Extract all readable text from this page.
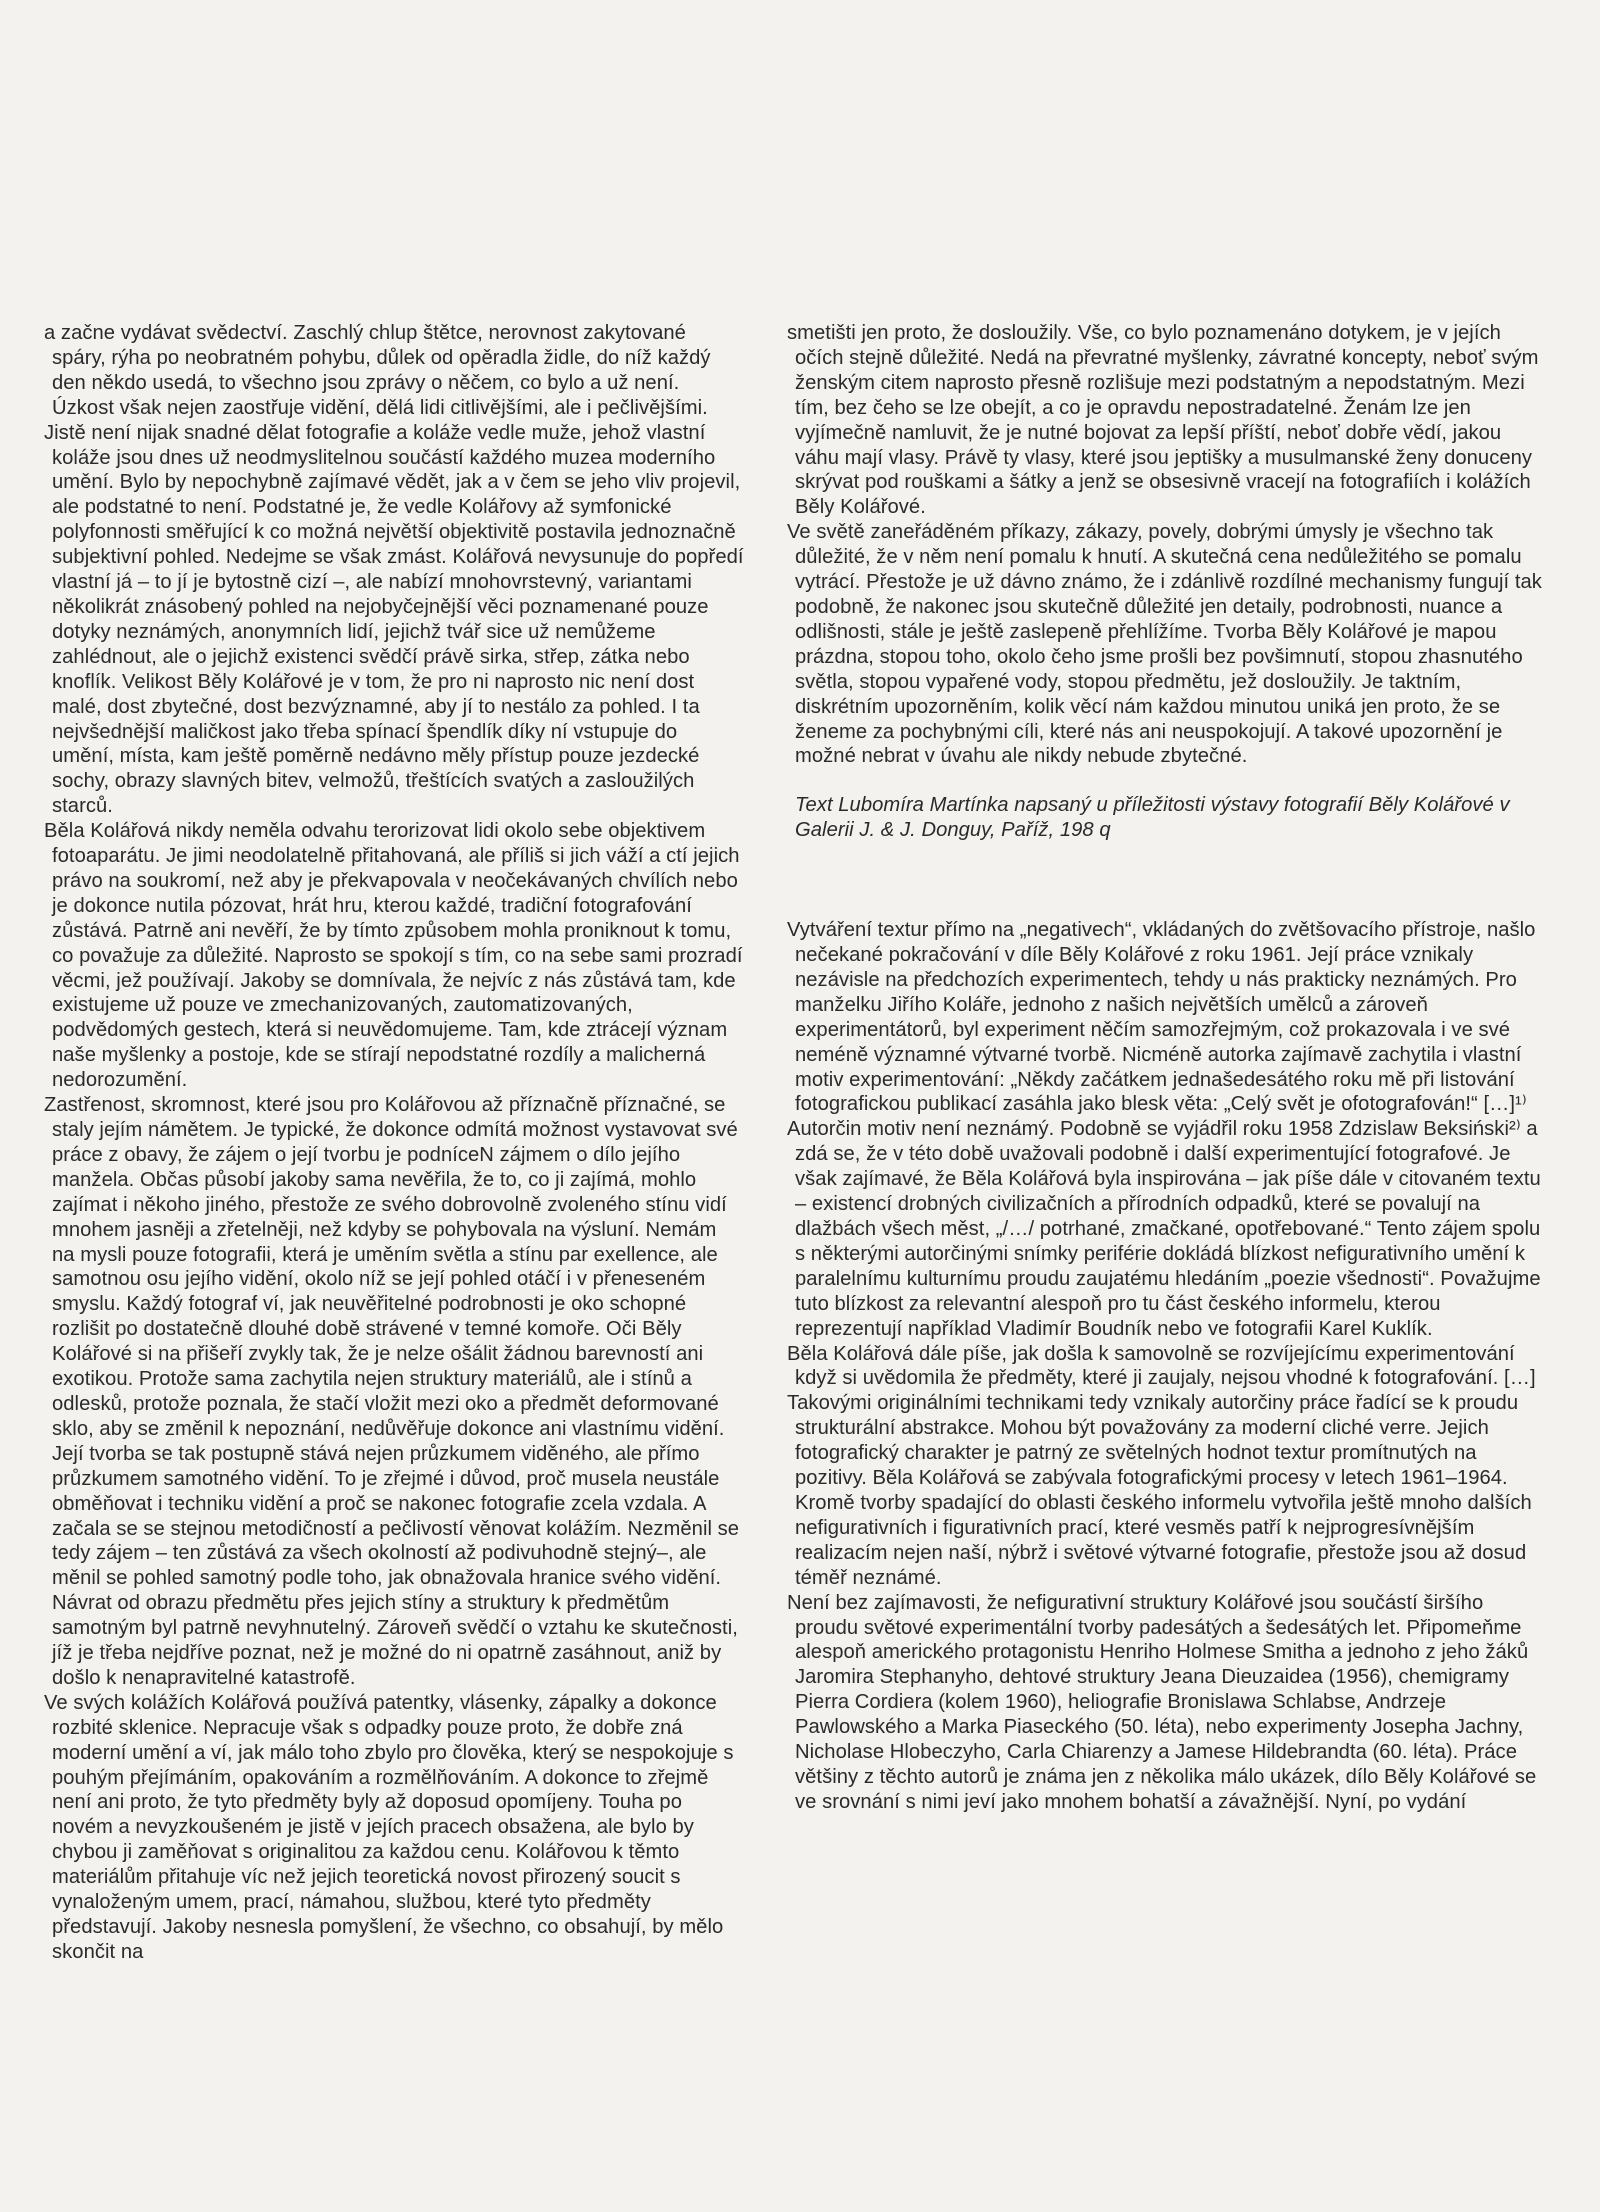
a začne vydávat svědectví. Zaschlý chlup štětce, nerovnost zakytované spáry, rýha po neobratném pohybu, důlek od opěradla židle, do níž každý den někdo usedá, to všechno jsou zprávy o něčem, co bylo a už není. Úzkost však nejen zaostřuje vidění, dělá lidi citlivějšími, ale i pečlivějšími.

Jistě není nijak snadné dělat fotografie a koláže vedle muže, jehož vlastní koláže jsou dnes už neodmyslitelnou součástí každého muzea moderního umění. Bylo by nepochybně zajímavé vědět, jak a v čem se jeho vliv projevil, ale podstatné to není. Podstatné je, že vedle Kolářovy až symfonické polyfonnosti směřující k co možná největší objektivitě postavila jednoznačně subjektivní pohled. Nedejme se však zmást. Kolářová nevysunuje do popředí vlastní já – to jí je bytostně cizí –, ale nabízí mnohovrstevný, variantami několikrát znásobený pohled na nejobyčejnější věci poznamenané pouze dotyky neznámých, anonymních lidí, jejichž tvář sice už nemůžeme zahlédnout, ale o jejichž existenci svědčí právě sirka, střep, zátka nebo knoflík. Velikost Běly Kolářové je v tom, že pro ni naprosto nic není dost malé, dost zbytečné, dost bezvýznamné, aby jí to nestálo za pohled. I ta nejvšednější maličkost jako třeba spínací špendlík díky ní vstupuje do umění, místa, kam ještě poměrně nedávno měly přístup pouze jezdecké sochy, obrazy slavných bitev, velmožů, třeštících svatých a zasloužilých starců.

Běla Kolářová nikdy neměla odvahu terorizovat lidi okolo sebe objektivem fotoaparátu. Je jimi neodolatelně přitahovaná, ale příliš si jich váží a ctí jejich právo na soukromí, než aby je překvapovala v neočekávaných chvílích nebo je dokonce nutila pózovat, hrát hru, kterou každé, tradiční fotografování zůstává. Patrně ani nevěří, že by tímto způsobem mohla proniknout k tomu, co považuje za důležité. Naprosto se spokojí s tím, co na sebe sami prozradí věcmi, jež používají. Jakoby se domnívala, že nejvíc z nás zůstává tam, kde existujeme už pouze ve zmechanizovaných, zautomatizovaných, podvědomých gestech, která si neuvědomujeme. Tam, kde ztrácejí význam naše myšlenky a postoje, kde se stírají nepodstatné rozdíly a malicherná nedorozumění.

Zastřenost, skromnost, které jsou pro Kolářovou až příznačně příznačné, se staly jejím námětem. Je typické, že dokonce odmítá možnost vystavovat své práce z obavy, že zájem o její tvorbu je podníceN zájmem o dílo jejího manžela. Občas působí jakoby sama nevěřila, že to, co ji zajímá, mohlo zajímat i někoho jiného, přestože ze svého dobrovolně zvoleného stínu vidí mnohem jasněji a zřetelněji, než kdyby se pohybovala na výsluní. Nemám na mysli pouze fotografii, která je uměním světla a stínu par exellence, ale samotnou osu jejího vidění, okolo níž se její pohled otáčí i v přeneseném smyslu. Každý fotograf ví, jak neuvěřitelné podrobnosti je oko schopné rozlišit po dostatečně dlouhé době strávené v temné komoře. Oči Běly Kolářové si na přišeří zvykly tak, že je nelze ošálit žádnou barevností ani exotikou. Protože sama zachytila nejen struktury materiálů, ale i stínů a odlesků, protože poznala, že stačí vložit mezi oko a předmět deformované sklo, aby se změnil k nepoznání, nedůvěřuje dokonce ani vlastnímu vidění. Její tvorba se tak postupně stává nejen průzkumem viděného, ale přímo průzkumem samotného vidění. To je zřejmé i důvod, proč musela neustále obměňovat i techniku vidění a proč se nakonec fotografie zcela vzdala. A začala se se stejnou metodičností a pečlivostí věnovat kolážím. Nezměnil se tedy zájem – ten zůstává za všech okolností až podivuhodně stejný–, ale měnil se pohled samotný podle toho, jak obnažovala hranice svého vidění. Návrat od obrazu předmětu přes jejich stíny a struktury k předmětům samotným byl patrně nevyhnutelný. Zároveň svědčí o vztahu ke skutečnosti, jíž je třeba nejdříve poznat, než je možné do ni opatrně zasáhnout, aniž by došlo k nenapravitelné katastrofě.

Ve svých kolážích Kolářová používá patentky, vlásenky, zápalky a dokonce rozbité sklenice. Nepracuje však s odpadky pouze proto, že dobře zná moderní umění a ví, jak málo toho zbylo pro člověka, který se nespokojuje s pouhým přejímáním, opakováním a rozmělňováním. A dokonce to zřejmě není ani proto, že tyto předměty byly až doposud opomíjeny. Touha po novém a nevyzkoušeném je jistě v jejích pracech obsažena, ale bylo by chybou ji zaměňovat s originalitou za každou cenu. Kolářovou k těmto materiálům přitahuje víc než jejich teoretická novost přirozený soucit s vynaloženým umem, prací, námahou, službou, které tyto předměty představují. Jakoby nesnesla pomyšlení, že všechno, co obsahují, by mělo skončit na

smetišti jen proto, že dosloužily. Vše, co bylo poznamenáno dotykem, je v jejích očích stejně důležité. Nedá na převratné myšlenky, závratné koncepty, neboť svým ženským citem naprosto přesně rozlišuje mezi podstatným a nepodstatným. Mezi tím, bez čeho se lze obejít, a co je opravdu nepostradatelné. Ženám lze jen vyjímečně namluvit, že je nutné bojovat za lepší příští, neboť dobře vědí, jakou váhu mají vlasy. Právě ty vlasy, které jsou jeptišky a musulmanské ženy donuceny skrývat pod rouškami a šátky a jenž se obsesivně vracejí na fotografiích i kolážích Běly Kolářové.

Ve světě zaneřáděném příkazy, zákazy, povely, dobrými úmysly je všechno tak důležité, že v něm není pomalu k hnutí. A skutečná cena nedůležitého se pomalu vytrácí. Přestože je už dávno známo, že i zdánlivě rozdílné mechanismy fungují tak podobně, že nakonec jsou skutečně důležité jen detaily, podrobnosti, nuance a odlišnosti, stále je ještě zaslepeně přehlížíme. Tvorba Běly Kolářové je mapou prázdna, stopou toho, okolo čeho jsme prošli bez povšimnutí, stopou zhasnutého světla, stopou vypařené vody, stopou předmětu, jež dosloužily. Je taktním, diskrétním upozorněním, kolik věcí nám každou minutou uniká jen proto, že se ženeme za pochybnými cíli, které nás ani neuspokojují. A takové upozornění je možné nebrat v úvahu ale nikdy nebude zbytečné.

Text Lubomíra Martínka napsaný u příležitosti výstavy fotografií Běly Kolářové v Galerii J. & J. Donguy, Paříž, 198 q

Vytváření textur přímo na „negativech“, vkládaných do zvětšovacího přístroje, našlo nečekané pokračování v díle Běly Kolářové z roku 1961. Její práce vznikaly nezávisle na předchozích experimentech, tehdy u nás prakticky neznámých. Pro manželku Jiřího Koláře, jednoho z našich největších umělců a zároveň experimentátorů, byl experiment něčím samozřejmým, což prokazovala i ve své neméně významné výtvarné tvorbě. Nicméně autorka zajímavě zachytila i vlastní motiv experimentování: „Někdy začátkem jednašedesátého roku mě při listování fotografickou publikací zasáhla jako blesk věta: „Celý svět je ofotografován!“ […]¹⁾

Autorčin motiv není neznámý. Podobně se vyjádřil roku 1958 Zdzislaw Beksiński²⁾ a zdá se, že v této době uvažovali podobně i další experimentující fotografové. Je však zajímavé, že Běla Kolářová byla inspirována – jak píše dále v citovaném textu – existencí drobných civilizačních a přírodních odpadků, které se povalují na dlažbách všech měst, „/…/ potrhané, zmačkané, opotřebované.“ Tento zájem spolu s některými autorčinými snímky periférie dokládá blízkost nefigurativního umění k paralelnímu kulturnímu proudu zaujatému hledáním „poezie všednosti“. Považujme tuto blízkost za relevantní alespoň pro tu část českého informelu, kterou reprezentují například Vladimír Boudník nebo ve fotografii Karel Kuklík.

Běla Kolářová dále píše, jak došla k samovolně se rozvíjejícímu experimentování když si uvědomila že předměty, které ji zaujaly, nejsou vhodné k fotografování. […]

Takovými originálními technikami tedy vznikaly autorčiny práce řadící se k proudu strukturální abstrakce. Mohou být považovány za moderní cliché verre. Jejich fotografický charakter je patrný ze světelných hodnot textur promítnutých na pozitivy. Běla Kolářová se zabývala fotografickými procesy v letech 1961–1964. Kromě tvorby spadající do oblasti českého informelu vytvořila ještě mnoho dalších nefigurativních i figurativních prací, které vesměs patří k nejprogresívnějším realizacím nejen naší, nýbrž i světové výtvarné fotografie, přestože jsou až dosud téměř neznámé.

Není bez zajímavosti, že nefigurativní struktury Kolářové jsou součástí širšího proudu světové experimentální tvorby padesátých a šedesátých let. Připomeňme alespoň amerického protagonistu Henriho Holmese Smitha a jednoho z jeho žáků Jaromira Stephanyho, dehtové struktury Jeana Dieuzaidea (1956), chemigramy Pierra Cordiera (kolem 1960), heliografie Bronislawa Schlabse, Andrzeje Pawlowského a Marka Piaseckého (50. léta), nebo experimenty Josepha Jachny, Nicholase Hlobeczyho, Carla Chiarenzy a Jamese Hildebrandta (60. léta). Práce většiny z těchto autorů je známa jen z několika málo ukázek, dílo Běly Kolářové se ve srovnání s nimi jeví jako mnohem bohatší a závažnější. Nyní, po vydání
